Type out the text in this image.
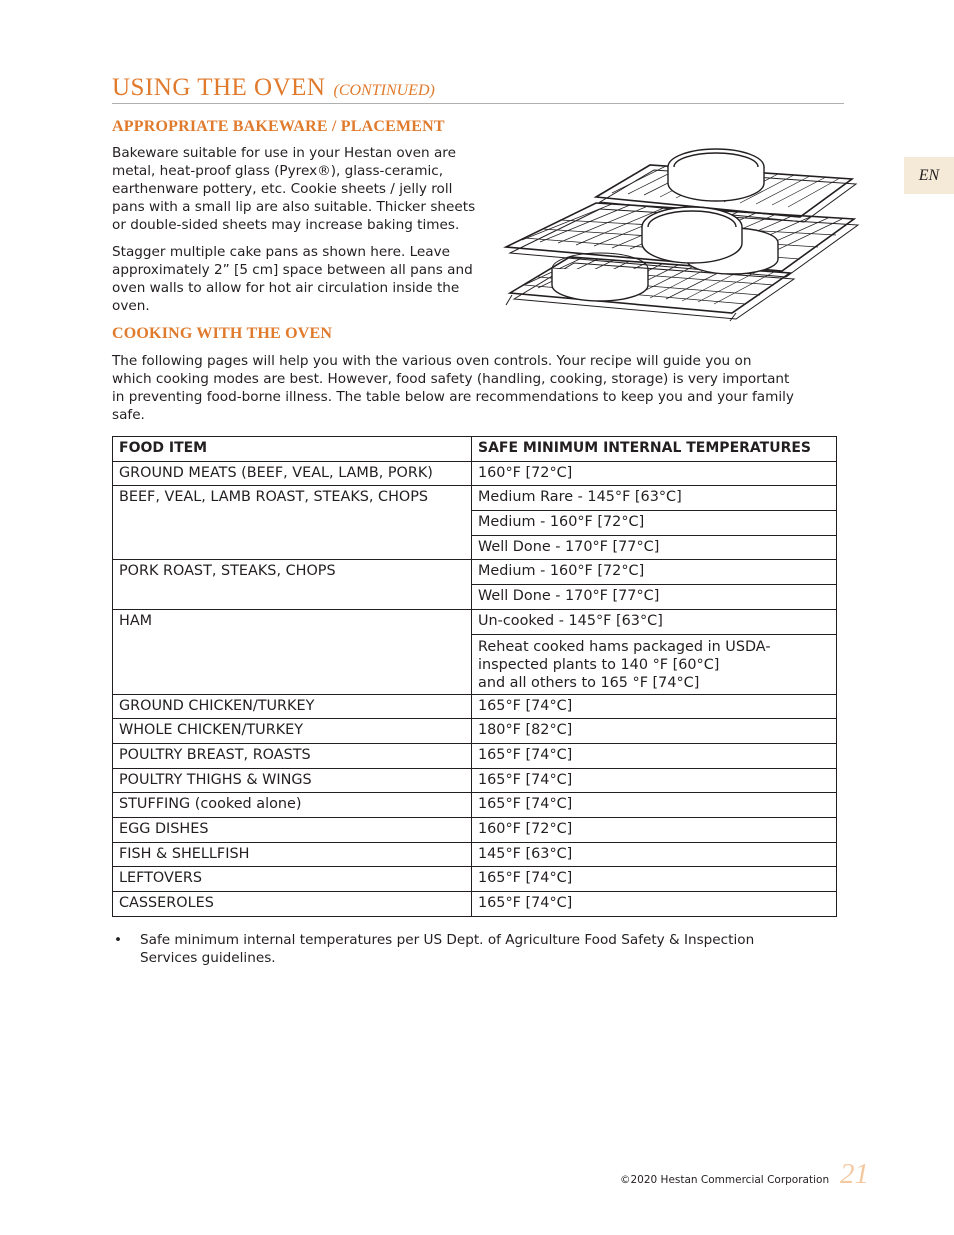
USING THE OVEN (CONTINUED)
EN
APPROPRIATE BAKEWARE / PLACEMENT
Bakeware suitable for use in your Hestan oven are
metal, heat-proof glass (Pyrex®), glass-ceramic,
earthenware pottery, etc. Cookie sheets / jelly roll
pans with a small lip are also suitable. Thicker sheets
or double-sided sheets may increase baking times.
Stagger multiple cake pans as shown here. Leave
approximately 2” [5 cm] space between all pans and
oven walls to allow for hot air circulation inside the
oven.
COOKING WITH THE OVEN
The following pages will help you with the various oven controls. Your recipe will guide you on
which cooking modes are best. However, food safety (handling, cooking, storage) is very important
in preventing food-borne illness. The table below are recommendations to keep you and your family
safe.
FOOD ITEM	SAFE MINIMUM INTERNAL TEMPERATURES
GROUND MEATS (BEEF, VEAL, LAMB, PORK)	160°F [72°C]
BEEF, VEAL, LAMB ROAST, STEAKS, CHOPS	Medium Rare - 145°F [63°C]
	Medium - 160°F [72°C]
	Well Done - 170°F [77°C]
PORK ROAST, STEAKS, CHOPS	Medium - 160°F [72°C]
	Well Done - 170°F [77°C]
HAM	Un-cooked - 145°F [63°C]

	Reheat cooked hams packaged in USDA-
inspected plants to 140 °F [60°C]
and all others to 165 °F [74°C]

GROUND CHICKEN/TURKEY	165°F [74°C]
WHOLE CHICKEN/TURKEY	180°F [82°C]
POULTRY BREAST, ROASTS	165°F [74°C]
POULTRY THIGHS & WINGS	165°F [74°C]
STUFFING (cooked alone)	165°F [74°C]
EGG DISHES	160°F [72°C]
FISH & SHELLFISH	145°F [63°C]
LEFTOVERS	165°F [74°C]
CASSEROLES	165°F [74°C]
•	Safe minimum internal temperatures per US Dept. of Agriculture Food Safety & Inspection
Services guidelines.
©2020 Hestan Commercial Corporation 21
